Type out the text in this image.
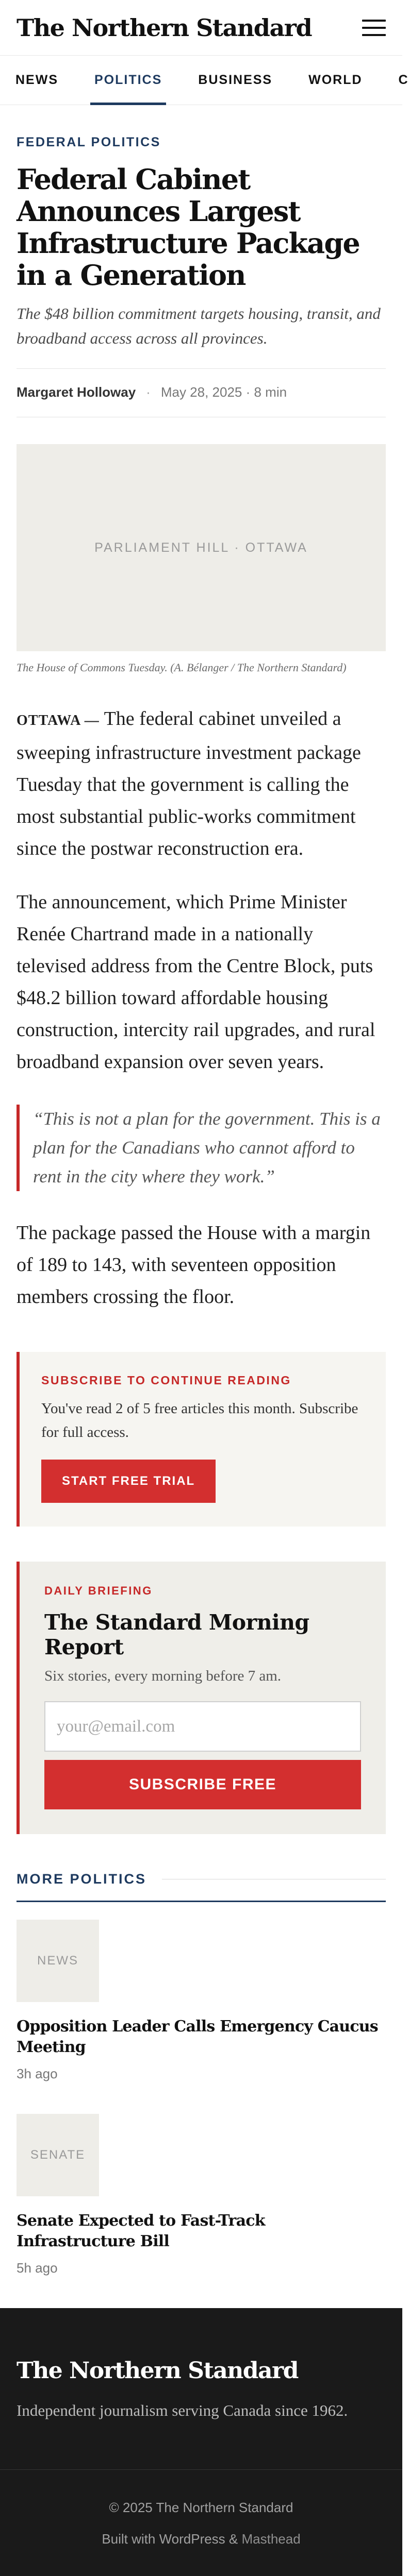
The Northern Standard
NEWS	POLITICS	BUSINESS	WORLD	C
FEDERAL POLITICS
Federal Cabinet Announces Largest Infrastructure Package in a Generation

The $48 billion commitment targets housing, transit, and broadband access across all provinces.

Margaret Holloway · May 28, 2025 · 8 min
PARLIAMENT HILL · OTTAWA

The House of Commons Tuesday. (A. Bélanger / The Northern Standard)

OTTAWA — The federal cabinet unveiled a sweeping infrastructure investment package Tuesday that the government is calling the most substantial public-works commitment since the postwar reconstruction era.

The announcement, which Prime Minister Renée Chartrand made in a nationally televised address from the Centre Block, puts $48.2 billion toward affordable housing construction, intercity rail upgrades, and rural broadband expansion over seven years.

“This is not a plan for the government. This is a plan for the Canadians who cannot afford to rent in the city where they work.”

The package passed the House with a margin of 189 to 143, with seventeen opposition members crossing the floor.

SUBSCRIBE TO CONTINUE READING

You've read 2 of 5 free articles this month. Subscribe for full access.

START FREE TRIAL
DAILY BRIEFING
The Standard Morning Report

Six stories, every morning before 7 am.

your@email.com
SUBSCRIBE FREE
MORE POLITICS
NEWS
Opposition Leader Calls Emergency Caucus Meeting
3h ago
SENATE
Senate Expected to Fast-Track Infrastructure Bill
5h ago
The Northern Standard

Independent journalism serving Canada since 1962.

© 2025 The Northern Standard
Built with WordPress & Masthead
